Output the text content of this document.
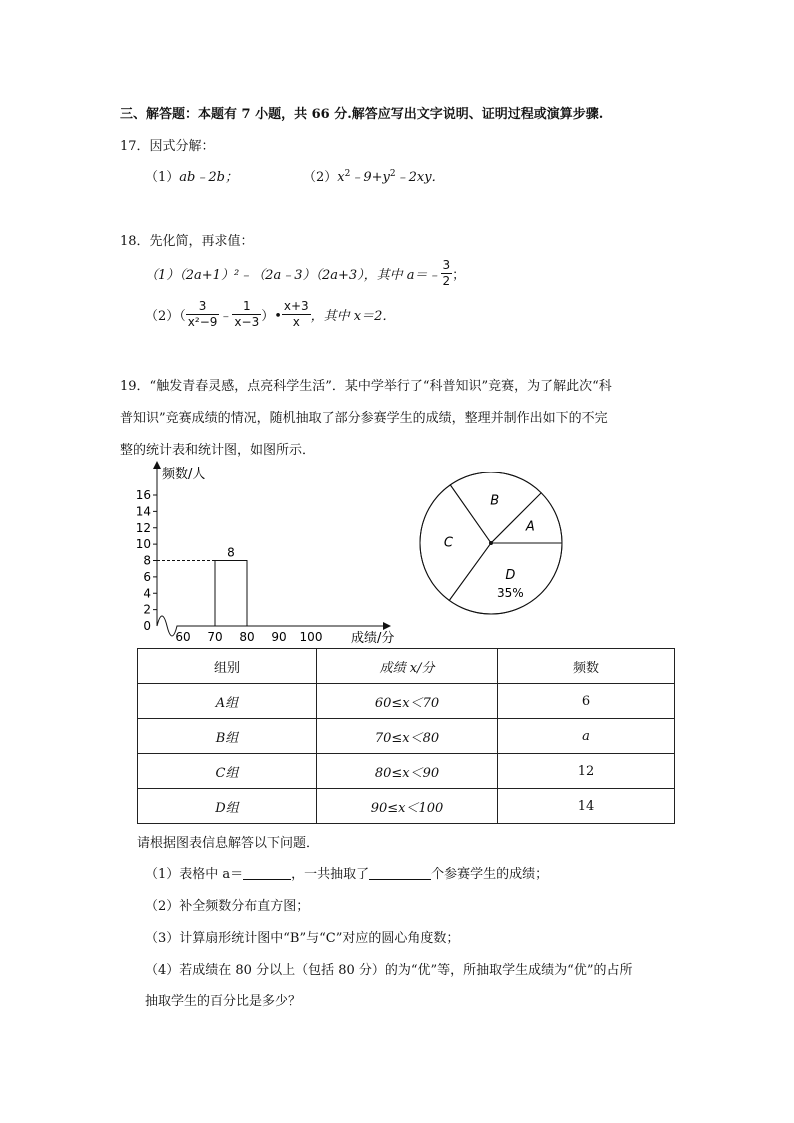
三、解答题：本题有 7 小题，共 66 分.解答应写出文字说明、证明过程或演算步骤.
17．因式分解：
（1）ab﹣2b；	$(2)x^2﹣9+y^2﹣2xy$．
18．先化简，再求值：
（1）（2a+1）²﹣（2a﹣3）（2a+3），其中 a＝﹣ $\frac{3}{2}$ ；
$(2)( \frac{3}{\text{x²−9}}$ ﹣ $\frac{1}{x-3}$ ）• $\frac{x+3}{x}$ ，其中 x＝2．
19．“触发青春灵感，点亮科学生活”．某中学举行了“科普知识”竞赛，为了解此次“科
普知识”竞赛成绩的情况，随机抽取了部分参赛学生的成绩，整理并制作出如下的不完
整的统计表和统计图，如图所示．
0
2
4
6
8
10
12
14
16
60 70 80 90 100
8
频数/人
成绩/分
A
B
C
D
35%
组别	成绩 x/分	频数
A组	60≤x＜70	6
B组	70≤x＜80	a
C组	80≤x＜90	12
D组	90≤x＜100	14
请根据图表信息解答以下问题．
（1）表格中 a＝	，一共抽取了	个参赛学生的成绩；
（2）补全频数分布直方图；
（3）计算扇形统计图中“B”与“C”对应的圆心角度数；
（4）若成绩在 80 分以上（包括 80 分）的为“优”等，所抽取学生成绩为“优”的占所
抽取学生的百分比是多少？
